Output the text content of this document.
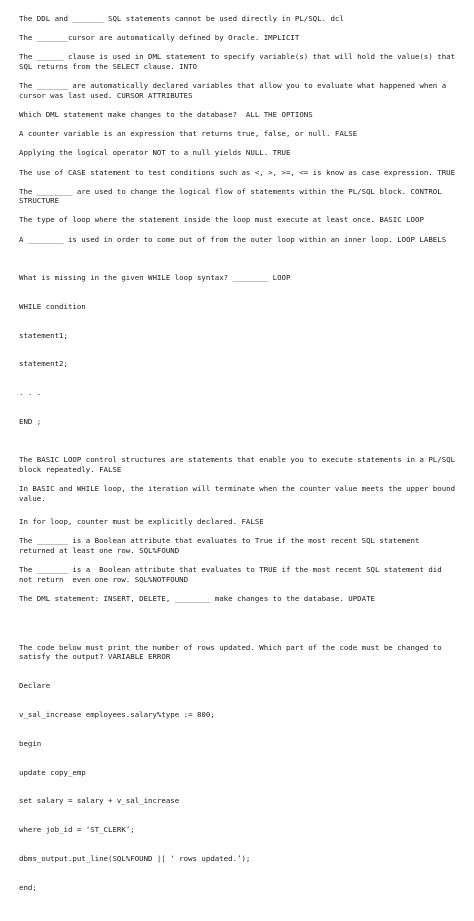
The DDL and _______ SQL statements cannot be used directly in PL/SQL. dcl

The _______cursor are automatically defined by Oracle. IMPLICIT

The ______ clause is used in DML statement to specify variable(s) that will hold the value(s) that SQL returns from the SELECT clause. INTO

The _______ are automatically declared variables that allow you to evaluate what happened when a cursor was last used. CURSOR ATTRIBUTES

Which DML statement make changes to the database?  ALL THE OPTIONS

A counter variable is an expression that returns true, false, or null. FALSE

Applying the logical operator NOT to a null yields NULL. TRUE

The use of CASE statement to test conditions such as <, >, >=, <= is know as case expression. TRUE

The ________ are used to change the logical flow of statements within the PL/SQL block. CONTROL STRUCTURE

The type of loop where the statement inside the loop must execute at least once. BASIC LOOP

A ________ is used in order to come out of from the outer loop within an inner loop. LOOP LABELS

What is missing in the given WHILE loop syntax? ________ LOOP

WHILE condition

statement1;

statement2;

. . .

END ;

The BASIC LOOP control structures are statements that enable you to execute statements in a PL/SQL block repeatedly. FALSE

In BASIC and WHILE loop, the iteration will terminate when the counter value meets the upper bound value.

In for loop, counter must be explicitly declared. FALSE

The _______ is a Boolean attribute that evaluates to True if the most recent SQL statement returned at least one row. SQL%FOUND

The _______ is a  Boolean attribute that evaluates to TRUE if the most recent SQL statement did not return  even one row. SQL%NOTFOUND

The DML statement: INSERT, DELETE, ________ make changes to the database. UPDATE

The code below must print the number of rows updated. Which part of the code must be changed to satisfy the output? VARIABLE ERROR

Declare

v_sal_increase employees.salary%type := 800;

begin

update copy_emp

set salary = salary + v_sal_increase

where job_id = ‘ST_CLERK’;

dbms_output.put_line(SQL%FOUND || ‘ rows updated.’);

end;
